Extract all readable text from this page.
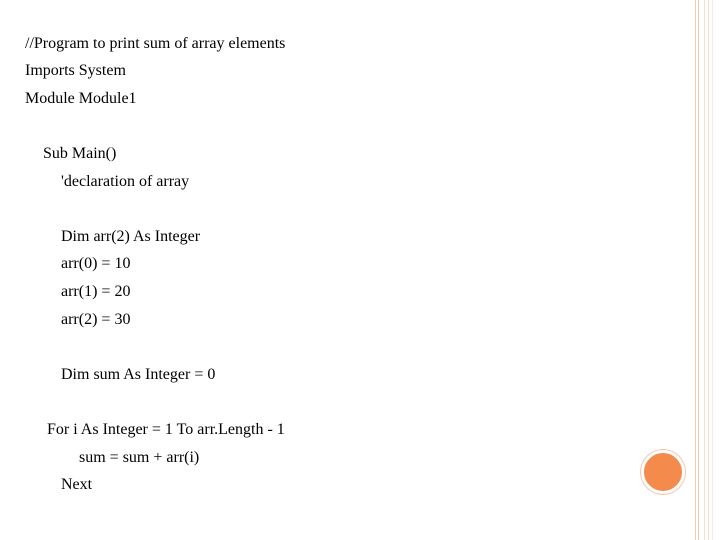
//Program to print sum of array elements

Imports System

Module Module1

Sub Main()

'declaration of array

Dim arr(2) As Integer

arr(0) = 10

arr(1) = 20

arr(2) = 30

Dim sum As Integer = 0

For i As Integer = 1 To arr.Length - 1

sum = sum + arr(i)

Next
